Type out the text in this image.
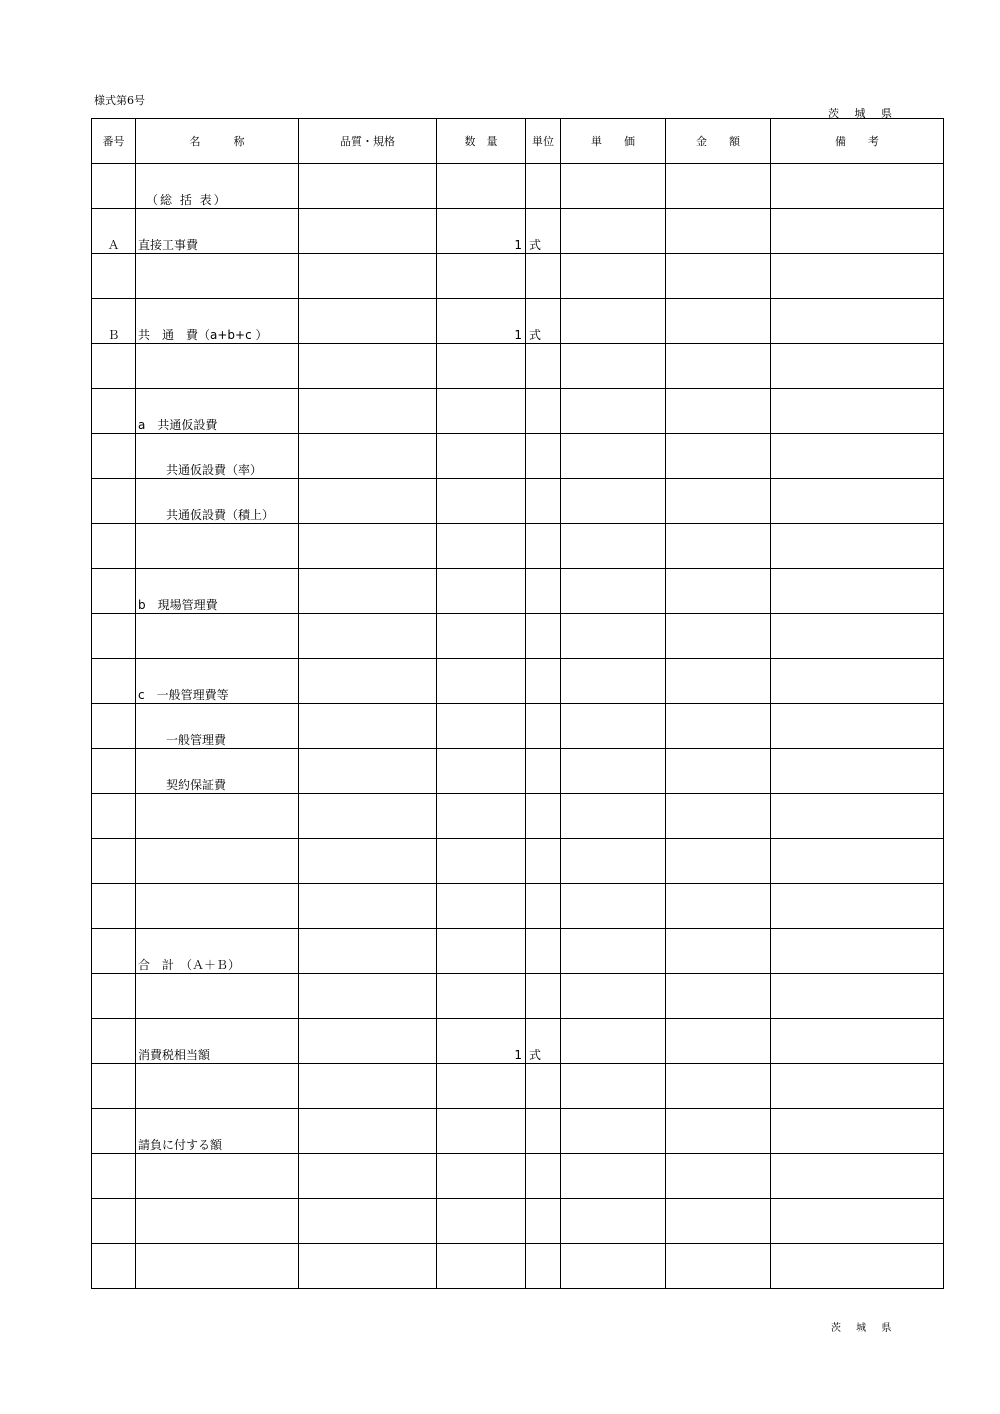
様式第6号
茨 城 県
番号	名　　　称	品質・規格	数　量	単位	単　　価	金　　額	備　　考

	（総 括 表）						

Ａ	直接工事費		1	式			

Ｂ	共　通　費（a+b+c ）		1	式			

	a　共通仮設費						

	共通仮設費（率）						

	共通仮設費（積上）						

	b　現場管理費						

	c　一般管理費等						

	一般管理費						

	契約保証費						

	合　計　（Ａ＋Ｂ）						

	消費税相当額		1	式			

	請負に付する額						

茨 城 県
